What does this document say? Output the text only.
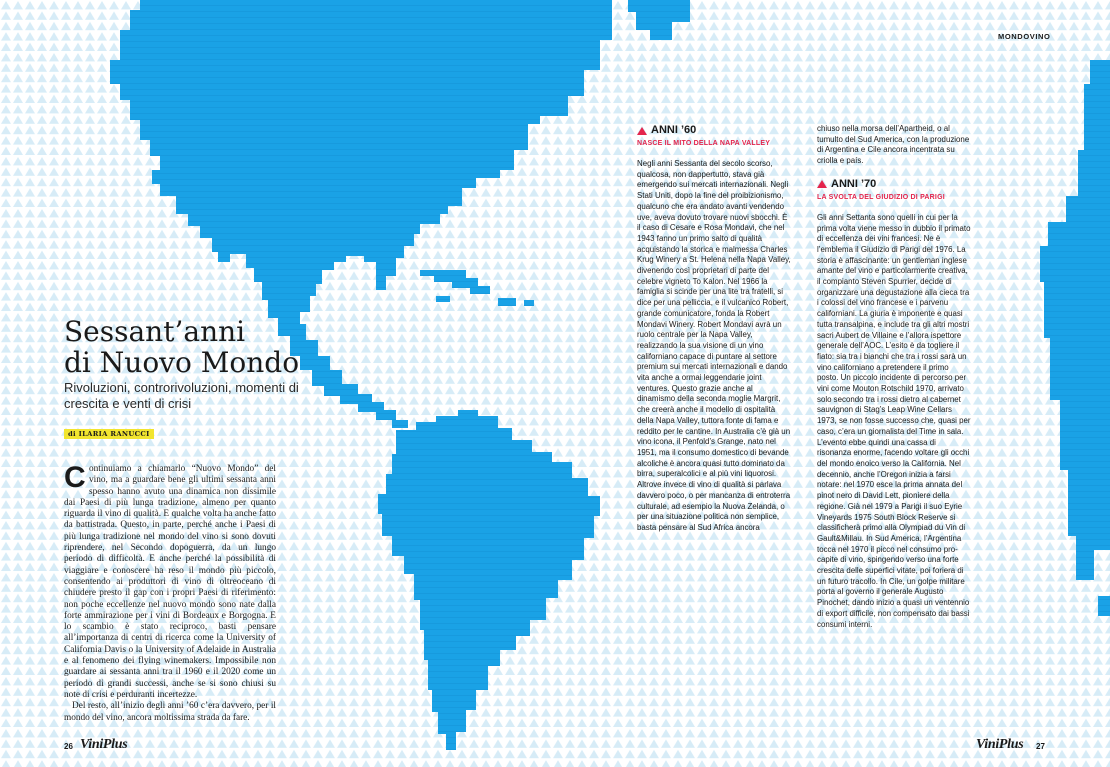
MONDOVINO
Sessant’anni
di Nuovo Mondo
Rivoluzioni, controrivoluzioni, momenti di crescita e venti di crisi
di ILARIA RANUCCI

Continuiamo a chiamarlo “Nuovo Mondo” del vino, ma a guardare bene gli ultimi sessanta anni spesso hanno avuto una dinamica non dissimile dai Paesi di più lunga tradizione, almeno per quanto riguarda il vino di qualità. E qualche volta ha anche fatto da battistrada. Questo, in parte, perché anche i Paesi di più lunga tradizione nel mondo del vino si sono dovuti riprendere, nel Secondo dopoguerra, da un lungo periodo di difficoltà. E anche perché la possibilità di viaggiare e conoscere ha reso il mondo più piccolo, consentendo ai produttori di vino di oltreoceano di chiudere presto il gap con i propri Paesi di riferimento: non poche eccellenze nel nuovo mondo sono nate dalla forte ammirazione per i vini di Bordeaux e Borgogna. E lo scambio è stato reciproco, basti pensare all’importanza di centri di ricerca come la University of California Davis o la University of Adelaide in Australia e al fenomeno dei flying winemakers. Impossibile non guardare ai sessanta anni tra il 1960 e il 2020 come un periodo di grandi successi, anche se si sono chiusi su note di crisi e perduranti incertezze.

Del resto, all’inizio degli anni ’60 c’era davvero, per il mondo del vino, ancora moltissima strada da fare.

ANNI ’60
NASCE IL MITO DELLA NAPA VALLEY

Negli anni Sessanta del secolo scorso, qualcosa, non dappertutto, stava già emergendo sui mercati internazionali. Negli Stati Uniti, dopo la fine del proibizionismo, qualcuno che era andato avanti vendendo uve, aveva dovuto trovare nuovi sbocchi. È il caso di Cesare e Rosa Mondavi, che nel 1943 fanno un primo salto di qualità acquistando la storica e malmessa Charles Krug Winery a St. Helena nella Napa Valley, divenendo così proprietari di parte del celebre vigneto To Kalon. Nel 1966 la famiglia si scinde per una lite tra fratelli, si dice per una pelliccia, e il vulcanico Robert, grande comunicatore, fonda la Robert Mondavi Winery. Robert Mondavi avrà un ruolo centrale per la Napa Valley, realizzando la sua visione di un vino californiano capace di puntare al settore premium sui mercati internazionali e dando vita anche a ormai leggendarie joint ventures. Questo grazie anche al dinamismo della seconda moglie Margrit, che creerà anche il modello di ospitalità della Napa Valley, tuttora fonte di fama e reddito per le cantine. In Australia c’è già un vino icona, il Penfold’s Grange, nato nel 1951, ma il consumo domestico di bevande alcoliche è ancora quasi tutto dominato da birra, superalcolici e al più vini liquorosi. Altrove invece di vino di qualità si parlava davvero poco, o per mancanza di entroterra culturale, ad esempio la Nuova Zelanda, o per una situazione politica non semplice, basta pensare al Sud Africa ancora

chiuso nella morsa dell’Apartheid, o al tumulto del Sud America, con la produzione di Argentina e Cile ancora incentrata su criolla e país.

ANNI ’70
LA SVOLTA DEL GIUDIZIO DI PARIGI

Gli anni Settanta sono quelli in cui per la prima volta viene messo in dubbio il primato di eccellenza dei vini francesi. Ne è l’emblema il Giudizio di Parigi del 1976. La storia è affascinante: un gentleman inglese amante del vino e particolarmente creativa, il compianto Steven Spurrier, decide di organizzare una degustazione alla cieca tra i colossi del vino francese e i parvenu californiani. La giuria è imponente e quasi tutta transalpina, e include tra gli altri mostri sacri Aubert de Villaine e l’allora ispettore generale dell’AOC. L’esito è da togliere il fiato: sia tra i bianchi che tra i rossi sarà un vino californiano a pretendere il primo posto. Un piccolo incidente di percorso per vini come Mouton Rotschild 1970, arrivato solo secondo tra i rossi dietro al cabernet sauvignon di Stag’s Leap Wine Cellars 1973, se non fosse successo che, quasi per caso, c’era un giornalista del Time in sala. L’evento ebbe quindi una cassa di risonanza enorme, facendo voltare gli occhi del mondo enoico verso la California. Nel decennio, anche l’Oregon inizia a farsi notare: nel 1970 esce la prima annata del pinot nero di David Lett, pioniere della regione. Già nel 1979 a Parigi il suo Eyrie Vineyards 1975 South Block Reserve si classificherà primo alla Olympiad du Vin di Gault&Millau. In Sud America, l’Argentina tocca nel 1970 il picco nel consumo pro-capite di vino, spingendo verso una forte crescita delle superfici vitate, poi foriera di un futuro tracollo. In Cile, un golpe militare porta al governo il generale Augusto Pinochet, dando inizio a quasi un ventennio di export difficile, non compensato dai bassi consumi interni.

26 ViniPlus	ViniPlus 27
